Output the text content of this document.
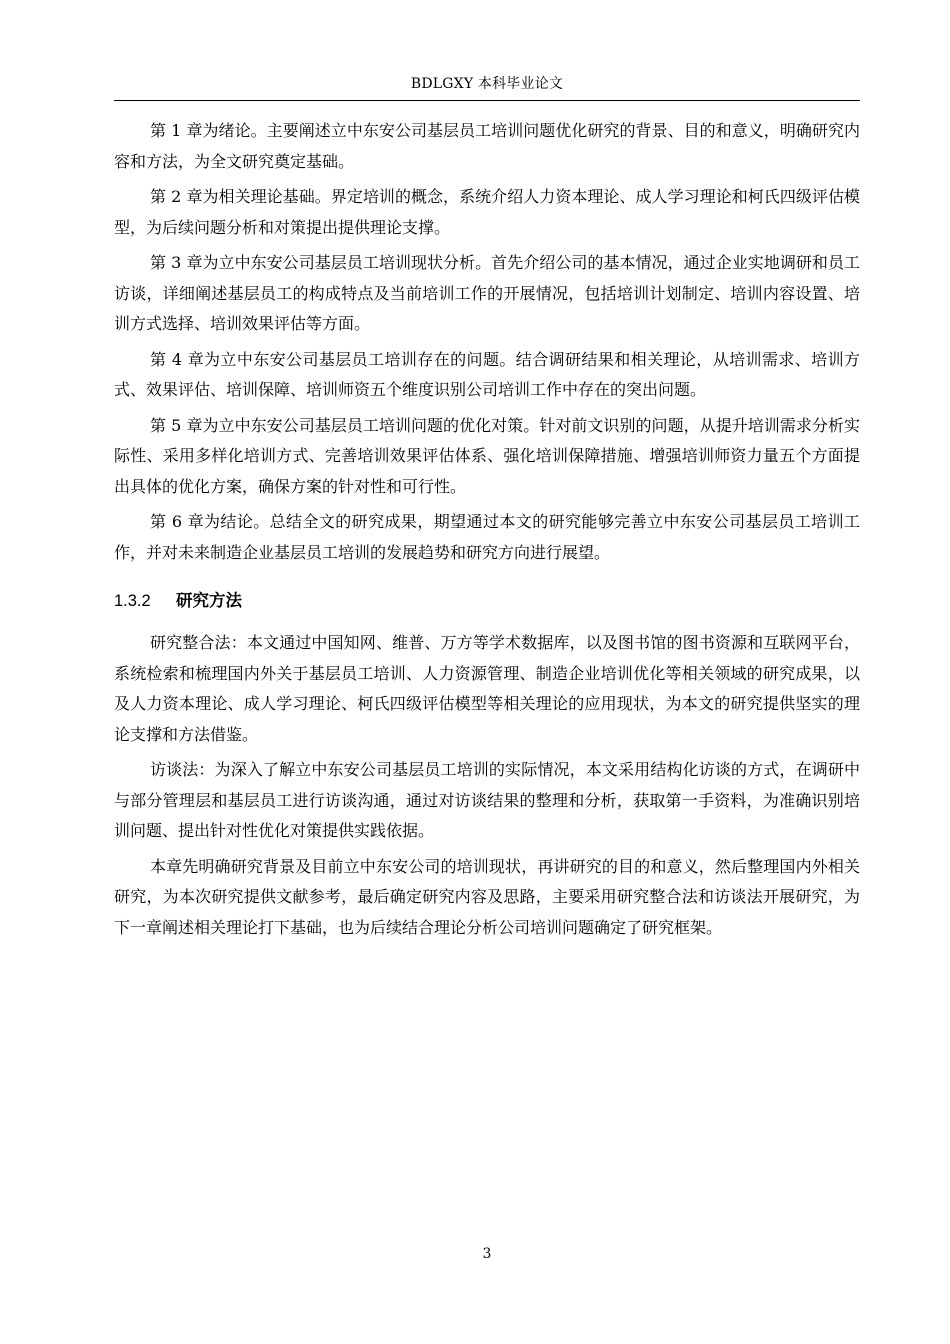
BDLGXY 本科毕业论文

第 1 章为绪论。主要阐述立中东安公司基层员工培训问题优化研究的背景、目的和意义，明确研究内容和方法，为全文研究奠定基础。

第 2 章为相关理论基础。界定培训的概念，系统介绍人力资本理论、成人学习理论和柯氏四级评估模型，为后续问题分析和对策提出提供理论支撑。

第 3 章为立中东安公司基层员工培训现状分析。首先介绍公司的基本情况，通过企业实地调研和员工访谈，详细阐述基层员工的构成特点及当前培训工作的开展情况，包括培训计划制定、培训内容设置、培训方式选择、培训效果评估等方面。

第 4 章为立中东安公司基层员工培训存在的问题。结合调研结果和相关理论，从培训需求、培训方式、效果评估、培训保障、培训师资五个维度识别公司培训工作中存在的突出问题。

第 5 章为立中东安公司基层员工培训问题的优化对策。针对前文识别的问题，从提升培训需求分析实际性、采用多样化培训方式、完善培训效果评估体系、强化培训保障措施、增强培训师资力量五个方面提出具体的优化方案，确保方案的针对性和可行性。

第 6 章为结论。总结全文的研究成果，期望通过本文的研究能够完善立中东安公司基层员工培训工作，并对未来制造企业基层员工培训的发展趋势和研究方向进行展望。

1.3.2 研究方法

研究整合法：本文通过中国知网、维普、万方等学术数据库，以及图书馆的图书资源和互联网平台，系统检索和梳理国内外关于基层员工培训、人力资源管理、制造企业培训优化等相关领域的研究成果，以及人力资本理论、成人学习理论、柯氏四级评估模型等相关理论的应用现状，为本文的研究提供坚实的理论支撑和方法借鉴。

访谈法：为深入了解立中东安公司基层员工培训的实际情况，本文采用结构化访谈的方式，在调研中与部分管理层和基层员工进行访谈沟通，通过对访谈结果的整理和分析，获取第一手资料，为准确识别培训问题、提出针对性优化对策提供实践依据。

本章先明确研究背景及目前立中东安公司的培训现状，再讲研究的目的和意义，然后整理国内外相关研究，为本次研究提供文献参考，最后确定研究内容及思路，主要采用研究整合法和访谈法开展研究，为下一章阐述相关理论打下基础，也为后续结合理论分析公司培训问题确定了研究框架。

3
